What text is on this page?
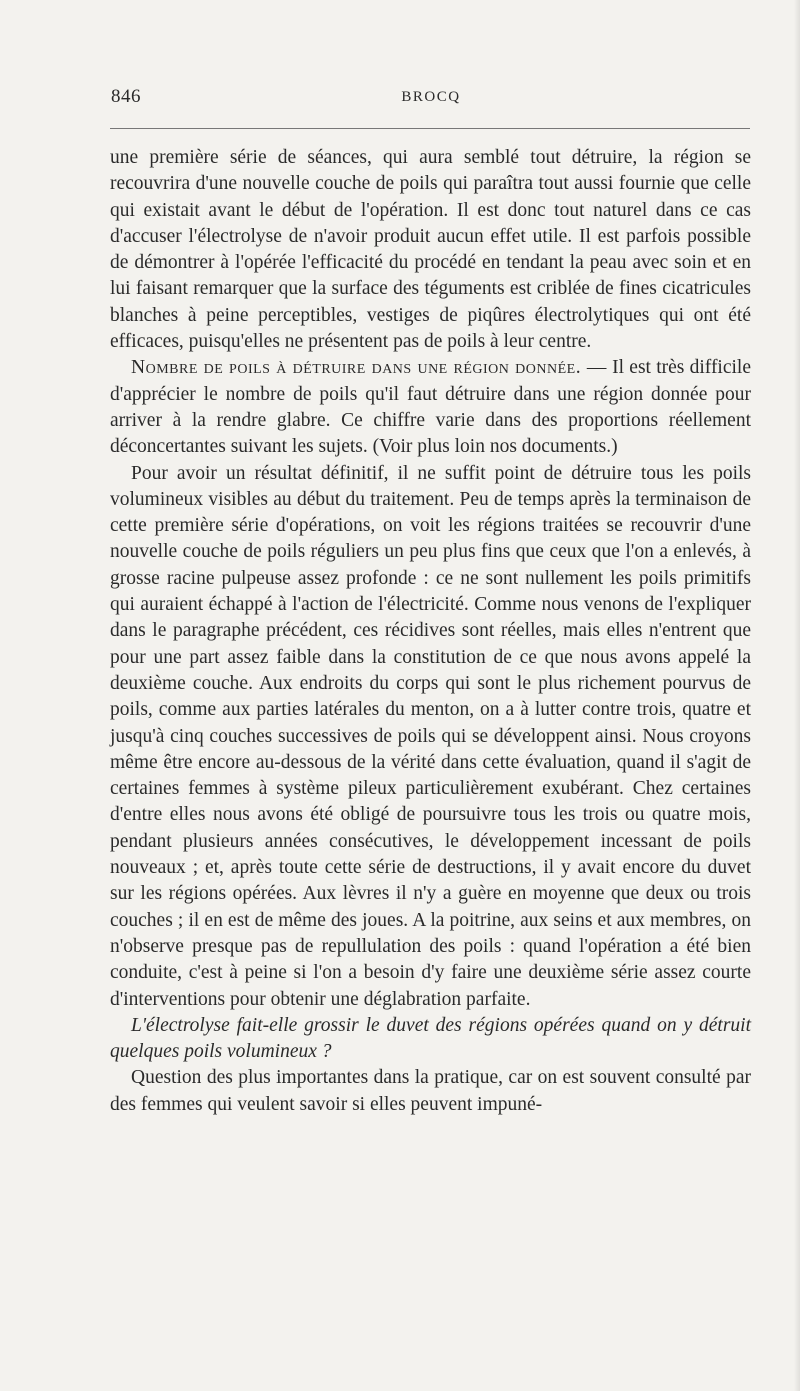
846	BROCQ

une première série de séances, qui aura semblé tout détruire, la région se recouvrira d'une nouvelle couche de poils qui paraîtra tout aussi fournie que celle qui existait avant le début de l'opération. Il est donc tout naturel dans ce cas d'accuser l'électrolyse de n'avoir produit aucun effet utile. Il est parfois possible de démontrer à l'opérée l'efficacité du procédé en tendant la peau avec soin et en lui faisant remarquer que la surface des téguments est criblée de fines cicatricules blanches à peine perceptibles, vestiges de piqûres électrolytiques qui ont été efficaces, puisqu'elles ne présentent pas de poils à leur centre.

Nombre de poils à détruire dans une région donnée. — Il est très difficile d'apprécier le nombre de poils qu'il faut détruire dans une région donnée pour arriver à la rendre glabre. Ce chiffre varie dans des proportions réellement déconcertantes suivant les sujets. (Voir plus loin nos documents.)

Pour avoir un résultat définitif, il ne suffit point de détruire tous les poils volumineux visibles au début du traitement. Peu de temps après la terminaison de cette première série d'opérations, on voit les régions traitées se recouvrir d'une nouvelle couche de poils réguliers un peu plus fins que ceux que l'on a enlevés, à grosse racine pulpeuse assez profonde : ce ne sont nullement les poils primitifs qui auraient échappé à l'action de l'électricité. Comme nous venons de l'expliquer dans le paragraphe précédent, ces récidives sont réelles, mais elles n'entrent que pour une part assez faible dans la constitution de ce que nous avons appelé la deuxième couche. Aux endroits du corps qui sont le plus richement pourvus de poils, comme aux parties latérales du menton, on a à lutter contre trois, quatre et jusqu'à cinq couches successives de poils qui se développent ainsi. Nous croyons même être encore au-dessous de la vérité dans cette évaluation, quand il s'agit de certaines femmes à système pileux particulièrement exubérant. Chez certaines d'entre elles nous avons été obligé de poursuivre tous les trois ou quatre mois, pendant plusieurs années consécutives, le développement incessant de poils nouveaux ; et, après toute cette série de destructions, il y avait encore du duvet sur les régions opérées. Aux lèvres il n'y a guère en moyenne que deux ou trois couches ; il en est de même des joues. A la poitrine, aux seins et aux membres, on n'observe presque pas de repullulation des poils : quand l'opération a été bien conduite, c'est à peine si l'on a besoin d'y faire une deuxième série assez courte d'interventions pour obtenir une déglabration parfaite.

L'électrolyse fait-elle grossir le duvet des régions opérées quand on y détruit quelques poils volumineux ?

Question des plus importantes dans la pratique, car on est souvent consulté par des femmes qui veulent savoir si elles peuvent impuné-
